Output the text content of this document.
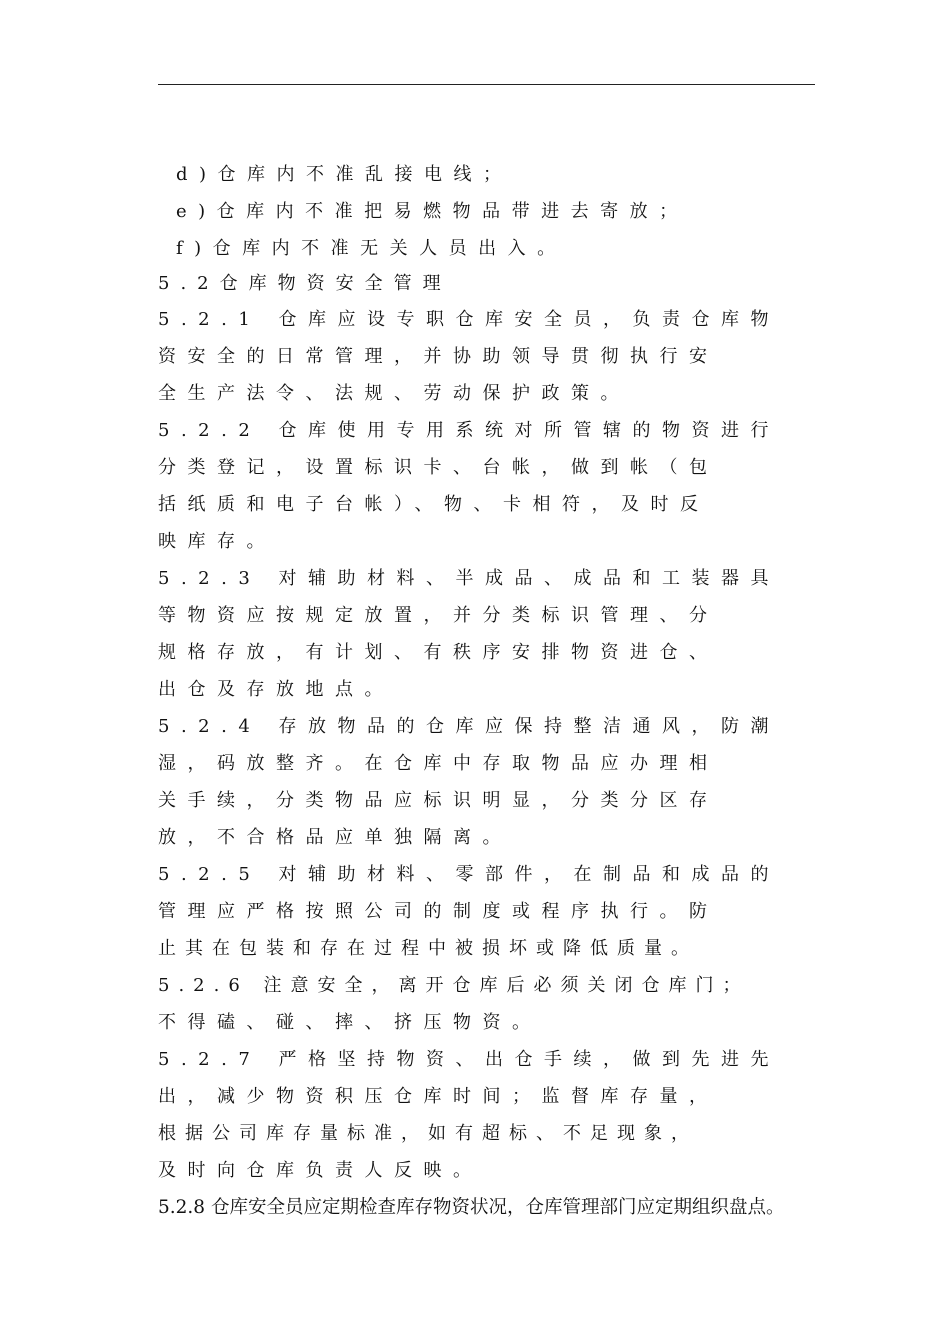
d)仓库内不准乱接电线；
e)仓库内不准把易燃物品带进去寄放；
f)仓库内不准无关人员出入。
5.2仓库物资安全管理
5.2.1 仓库应设专职仓库安全员，负责仓库物
资安全的日常管理，并协助领导贯彻执行安
全生产法令、法规、劳动保护政策。
5.2.2 仓库使用专用系统对所管辖的物资进行
分类登记，设置标识卡、台帐，做到帐（包
括纸质和电子台帐）、物、卡相符，及时反
映库存。
5.2.3 对辅助材料、半成品、成品和工装器具
等物资应按规定放置，并分类标识管理、分
规格存放，有计划、有秩序安排物资进仓、
出仓及存放地点。
5.2.4 存放物品的仓库应保持整洁通风，防潮
湿，码放整齐。在仓库中存取物品应办理相
关手续，分类物品应标识明显，分类分区存
放，不合格品应单独隔离。
5.2.5 对辅助材料、零部件，在制品和成品的
管理应严格按照公司的制度或程序执行。防
止其在包装和存在过程中被损坏或降低质量。
5.2.6 注意安全，离开仓库后必须关闭仓库门；
不得磕、碰、摔、挤压物资。
5.2.7 严格坚持物资、出仓手续，做到先进先
出，减少物资积压仓库时间；监督库存量，
根据公司库存量标准，如有超标、不足现象，
及时向仓库负责人反映。
5.2.8 仓库安全员应定期检查库存物资状况，仓库管理部门应定期组织盘点。
